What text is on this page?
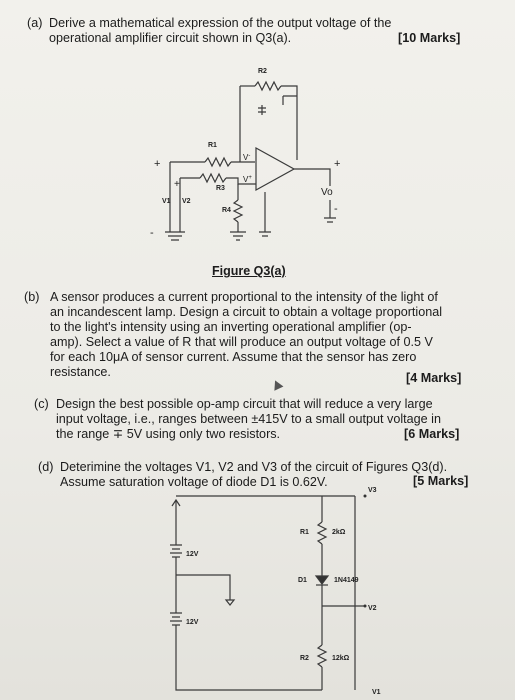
(a) Derive a mathematical expression of the output voltage of the
operational amplifier circuit shown in Q3(a).	[10 Marks]
+	+
R2
R1
R3
R4
V1 V2
+
V-
V+
Vo
-
-
Figure Q3(a)
(b) A sensor produces a current proportional to the intensity of the light of
an incandescent lamp. Design a circuit to obtain a voltage proportional
to the light's intensity using an inverting operational amplifier (op-
amp). Select a value of R that will produce an output voltage of 0.5 V
for each 10μA of sensor current. Assume that the sensor has zero
resistance.	[4 Marks]
(c) Design the best possible op-amp circuit that will reduce a very large
input voltage, i.e., ranges between ±415V to a small output voltage in
the range ∓ 5V using only two resistors.	[6 Marks]
(d) Deterimine the voltages V1, V2 and V3 of the circuit of Figures Q3(d).
Assume saturation voltage of diode D1 is 0.62V.	[5 Marks]
V3
V2
V1
R1	2kΩ
D1	1N4149
R2	12kΩ
12V
12V
